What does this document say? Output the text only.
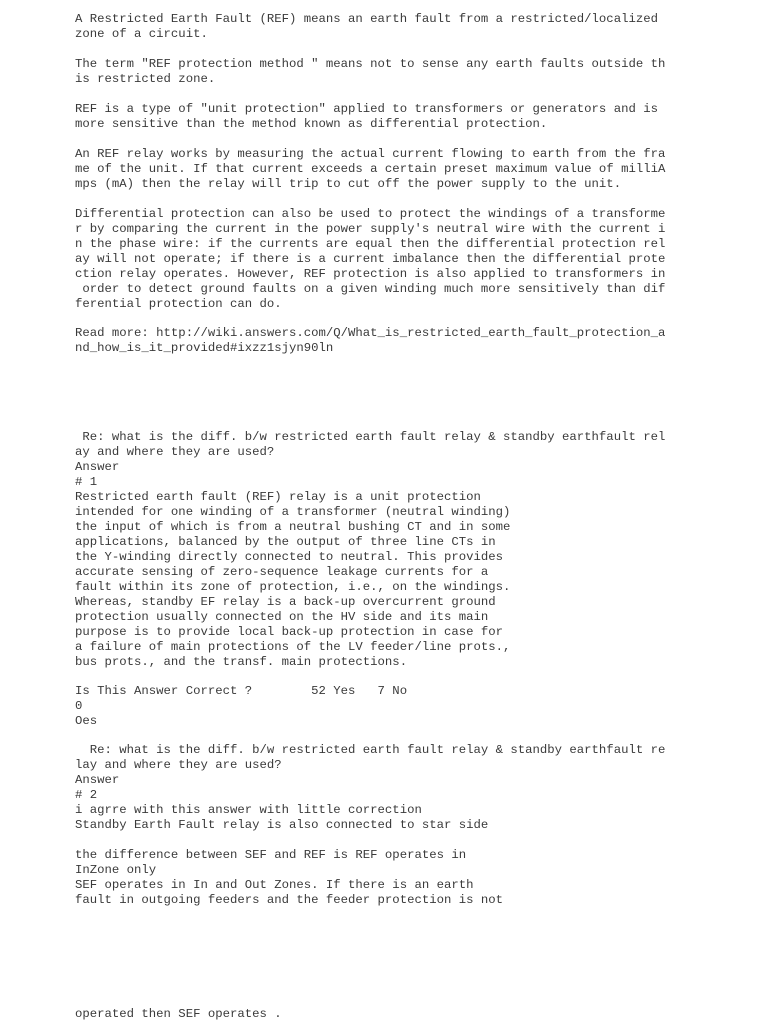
A Restricted Earth Fault (REF) means an earth fault from a restricted/localized
zone of a circuit.
The term "REF protection method " means not to sense any earth faults outside th
is restricted zone.
REF is a type of "unit protection" applied to transformers or generators and is
more sensitive than the method known as differential protection.
An REF relay works by measuring the actual current flowing to earth from the fra
me of the unit. If that current exceeds a certain preset maximum value of milliA
mps (mA) then the relay will trip to cut off the power supply to the unit.
Differential protection can also be used to protect the windings of a transforme
r by comparing the current in the power supply's neutral wire with the current i
n the phase wire: if the currents are equal then the differential protection rel
ay will not operate; if there is a current imbalance then the differential prote
ction relay operates. However, REF protection is also applied to transformers in
order to detect ground faults on a given winding much more sensitively than dif
ferential protection can do.
Read more: http://wiki.answers.com/Q/What_is_restricted_earth_fault_protection_a
nd_how_is_it_provided#ixzz1sjyn90ln
Re: what is the diff. b/w restricted earth fault relay & standby earthfault rel
ay and where they are used?
Answer
# 1
Restricted earth fault (REF) relay is a unit protection
intended for one winding of a transformer (neutral winding)
the input of which is from a neutral bushing CT and in some
applications, balanced by the output of three line CTs in
the Y-winding directly connected to neutral. This provides
accurate sensing of zero-sequence leakage currents for a
fault within its zone of protection, i.e., on the windings.
Whereas, standby EF relay is a back-up overcurrent ground
protection usually connected on the HV side and its main
purpose is to provide local back-up protection in case for
a failure of main protections of the LV feeder/line prots.,
bus prots., and the transf. main protections.
Is This Answer Correct ?        52 Yes   7 No
0
Oes
Re: what is the diff. b/w restricted earth fault relay & standby earthfault re
lay and where they are used?
Answer
# 2
i agrre with this answer with little correction
Standby Earth Fault relay is also connected to star side
the difference between SEF and REF is REF operates in
InZone only
SEF operates in In and Out Zones. If there is an earth
fault in outgoing feeders and the feeder protection is not
operated then SEF operates .
